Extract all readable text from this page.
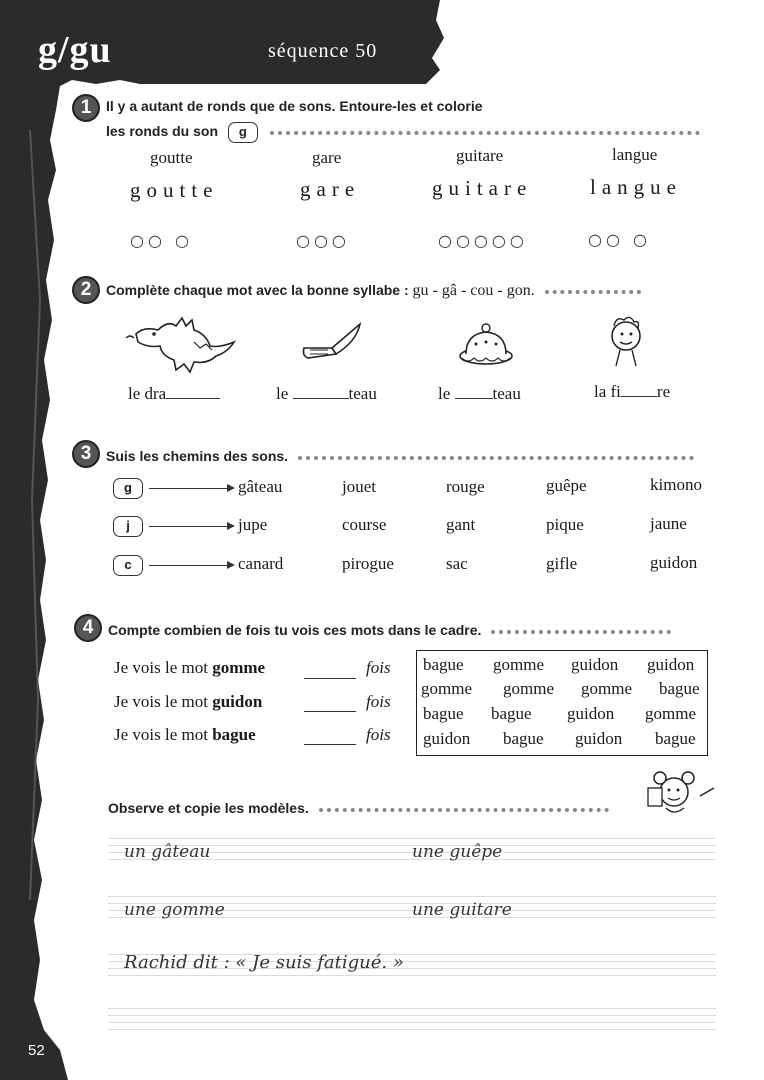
g/gu	séquence 50
1	Il y a autant de ronds que de sons. Entoure-les et colorie
les ronds du son g
goutte	gare	guitare	langue
goutte	gare	guitare	langue
○○ ○	○○○	○○○○○	○○ ○
2	Complète chaque mot avec la bonne syllabe : gu - gâ - cou - gon.
le dra	le	teau	le teau	la fi re
3	Suis les chemins des sons.
g	gâteau	jouet	rouge	guêpe	kimono
j	jupe	course	gant	pique	jaune
c	canard	pirogue	sac	gifle	guidon
4	Compte combien de fois tu vois ces mots dans le cadre.
Je vois le mot gomme	fois
Je vois le mot guidon	fois
Je vois le mot bague	fois
bague gomme guidon guidon
gomme gomme gomme bague
bague bague guidon gomme
guidon bague guidon bague
Observe et copie les modèles.
un gâteau	une guêpe
une gomme	une guitare
Rachid dit : « Je suis fatigué. »
52
